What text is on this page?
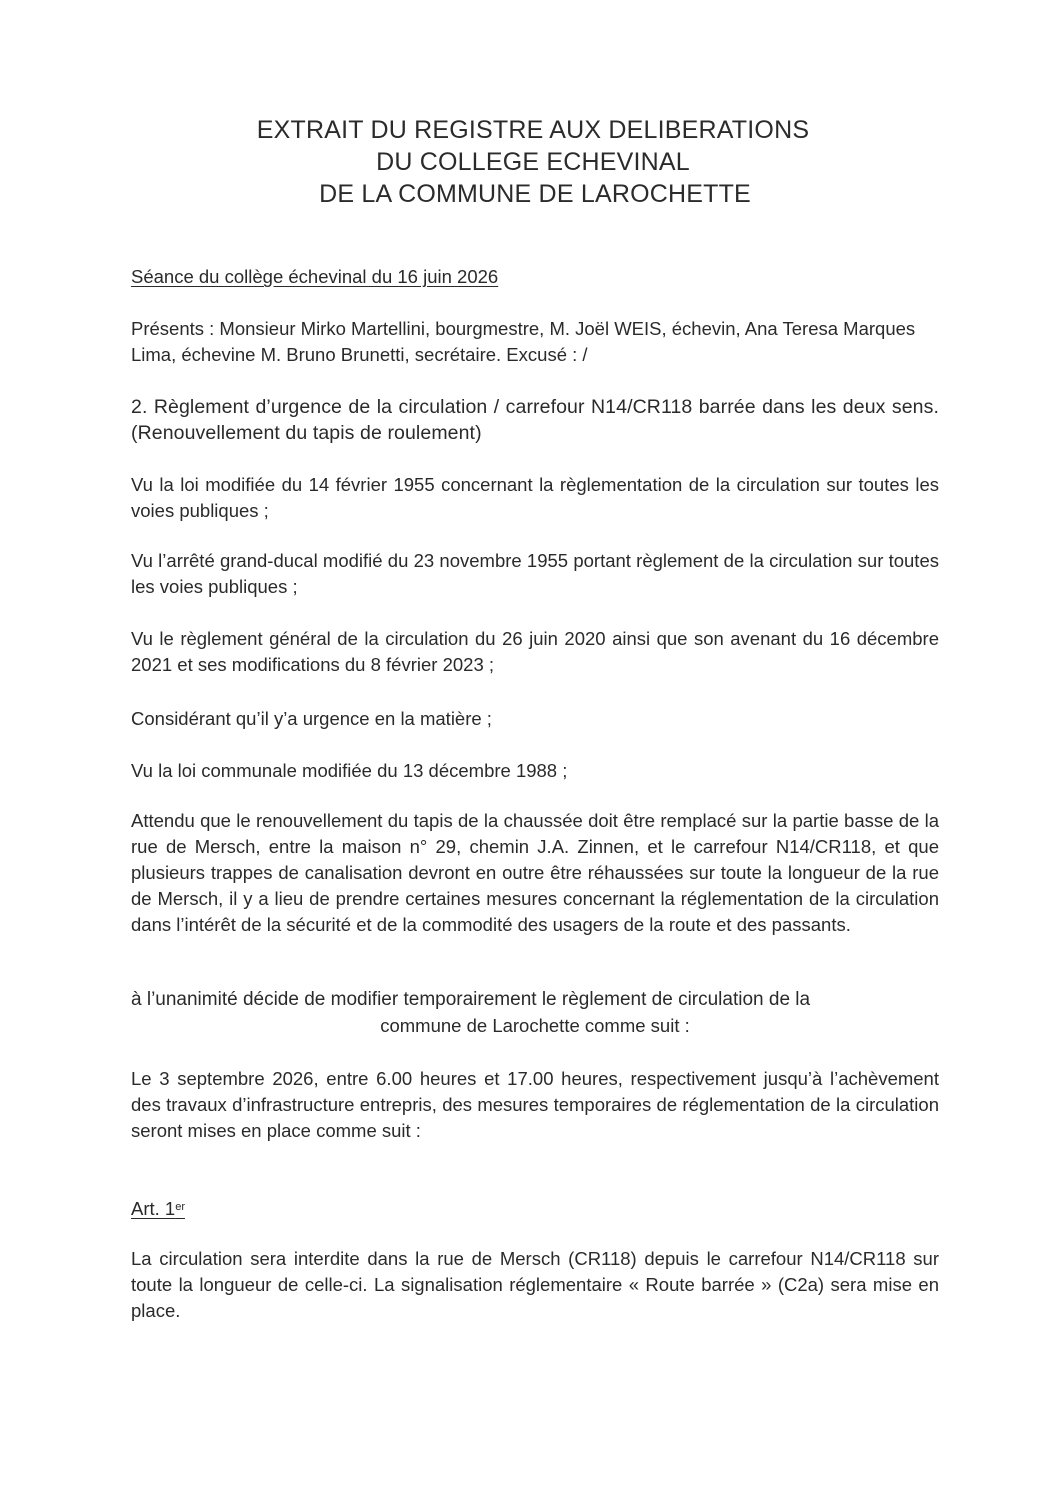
EXTRAIT DU REGISTRE AUX DELIBERATIONS
DU COLLEGE ECHEVINAL
DE LA COMMUNE DE LAROCHETTE
Séance du collège échevinal du 16 juin 2026
Présents : Monsieur Mirko Martellini, bourgmestre, M. Joël WEIS, échevin, Ana Teresa Marques Lima, échevine M. Bruno Brunetti, secrétaire. Excusé : /
2. Règlement d’urgence de la circulation / carrefour N14/CR118 barrée dans les deux sens. (Renouvellement du tapis de roulement)
Vu la loi modifiée du 14 février 1955 concernant la règlementation de la circulation sur toutes les voies publiques ;
Vu l’arrêté grand-ducal modifié du 23 novembre 1955 portant règlement de la circulation sur toutes les voies publiques ;
Vu le règlement général de la circulation du 26 juin 2020 ainsi que son avenant du 16 décembre 2021 et ses modifications du 8 février 2023 ;
Considérant qu’il y’a urgence en la matière ;
Vu la loi communale modifiée du 13 décembre 1988 ;
Attendu que le renouvellement du tapis de la chaussée doit être remplacé sur la partie basse de la rue de Mersch, entre la maison n° 29, chemin J.A. Zinnen, et le carrefour N14/CR118, et que plusieurs trappes de canalisation devront en outre être réhaussées sur toute la longueur de la rue de Mersch, il y a lieu de prendre certaines mesures concernant la réglementation de la circulation dans l’intérêt de la sécurité et de la commodité des usagers de la route et des passants.
à l’unanimité décide de modifier temporairement le règlement de circulation de la
commune de Larochette comme suit :
Le 3 septembre 2026, entre 6.00 heures et 17.00 heures, respectivement jusqu’à l’achèvement des travaux d’infrastructure entrepris, des mesures temporaires de réglementation de la circulation seront mises en place comme suit :
Art. 1er
La circulation sera interdite dans la rue de Mersch (CR118) depuis le carrefour N14/CR118 sur toute la longueur de celle-ci. La signalisation réglementaire « Route barrée » (C2a) sera mise en place.
